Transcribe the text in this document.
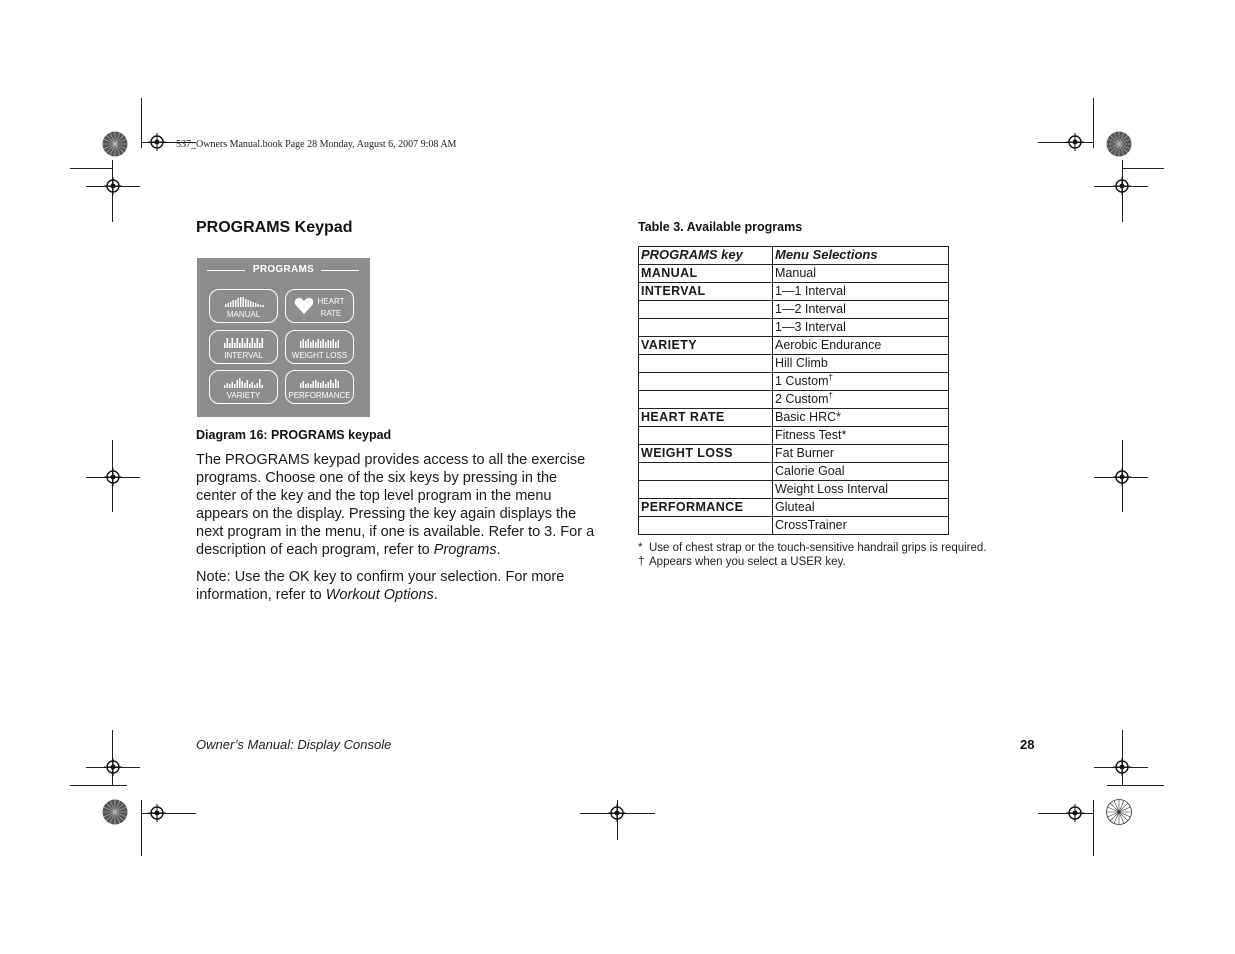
537_Owners Manual.book Page 28 Monday, August 6, 2007 9:08 AM
PROGRAMS Keypad
PROGRAMS
MANUAL
HEART RATE
INTERVAL	WEIGHT LOSS
VARIETY	PERFORMANCE
Diagram 16: PROGRAMS keypad
The PROGRAMS keypad provides access to all the exercise programs. Choose one of the six keys by pressing in the center of the key and the top level program in the menu appears on the display. Pressing the key again displays the next program in the menu, if one is available. Refer to 3. For a description of each program, refer to Programs.
Note: Use the OK key to confirm your selection. For more information, refer to Workout Options.
Table 3. Available programs
PROGRAMS key	Menu Selections
MANUAL	Manual
INTERVAL	1—1 Interval
	1—2 Interval
	1—3 Interval
VARIETY	Aerobic Endurance
	Hill Climb
	1 Custom†
	2 Custom†
HEART RATE	Basic HRC*
	Fitness Test*
WEIGHT LOSS	Fat Burner
	Calorie Goal
	Weight Loss Interval
PERFORMANCE	Gluteal
	CrossTrainer
* Use of chest strap or the touch-sensitive handrail grips is required.
† Appears when you select a USER key.
Owner’s Manual: Display Console	28
